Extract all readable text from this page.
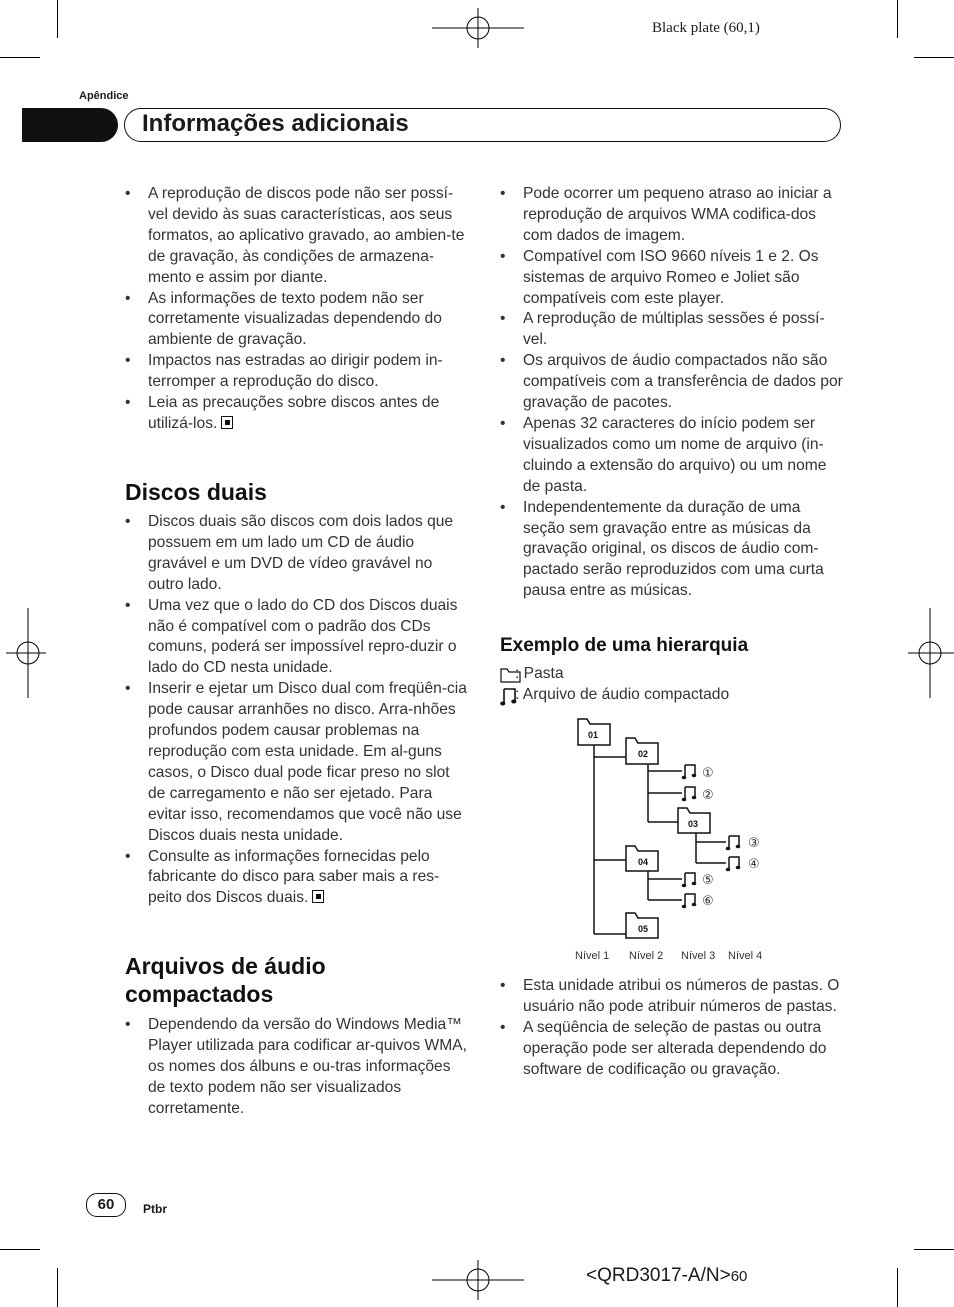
Black plate (60,1)
Apêndice
Informações adicionais
• A reprodução de discos pode não ser possí-vel devido às suas características, aos seus formatos, ao aplicativo gravado, ao ambien-te de gravação, às condições de armazena-mento e assim por diante.
• As informações de texto podem não ser corretamente visualizadas dependendo do ambiente de gravação.
• Impactos nas estradas ao dirigir podem in-terromper a reprodução do disco.
• Leia as precauções sobre discos antes de utilizá-los.
Discos duais
• Discos duais são discos com dois lados que possuem em um lado um CD de áudio gravável e um DVD de vídeo gravável no outro lado.
• Uma vez que o lado do CD dos Discos duais não é compatível com o padrão dos CDs comuns, poderá ser impossível repro-duzir o lado do CD nesta unidade.
• Inserir e ejetar um Disco dual com freqüên-cia pode causar arranhões no disco. Arra-nhões profundos podem causar problemas na reprodução com esta unidade. Em al-guns casos, o Disco dual pode ficar preso no slot de carregamento e não ser ejetado. Para evitar isso, recomendamos que você não use Discos duais nesta unidade.
• Consulte as informações fornecidas pelo fabricante do disco para saber mais a res-peito dos Discos duais.
Arquivos de áudio compactados
• Dependendo da versão do Windows Media™ Player utilizada para codificar ar-quivos WMA, os nomes dos álbuns e ou-tras informações de texto podem não ser visualizados corretamente.
• Pode ocorrer um pequeno atraso ao iniciar a reprodução de arquivos WMA codifica-dos com dados de imagem.
• Compatível com ISO 9660 níveis 1 e 2. Os sistemas de arquivo Romeo e Joliet são compatíveis com este player.
• A reprodução de múltiplas sessões é possí-vel.
• Os arquivos de áudio compactados não são compatíveis com a transferência de dados por gravação de pacotes.
• Apenas 32 caracteres do início podem ser visualizados como um nome de arquivo (in-cluindo a extensão do arquivo) ou um nome de pasta.
• Independentemente da duração de uma seção sem gravação entre as músicas da gravação original, os discos de áudio com-pactado serão reproduzidos com uma curta pausa entre as músicas.
Exemplo de uma hierarquia
: Pasta
: Arquivo de áudio compactado
01
02
03
04
05
①
②
③
④
⑤
⑥
Nível 1 Nível 2 Nível 3 Nível 4
• Esta unidade atribui os números de pastas. O usuário não pode atribuir números de pastas.
• A seqüência de seleção de pastas ou outra operação pode ser alterada dependendo do software de codificação ou gravação.
60	Ptbr
<QRD3017-A/N>60
